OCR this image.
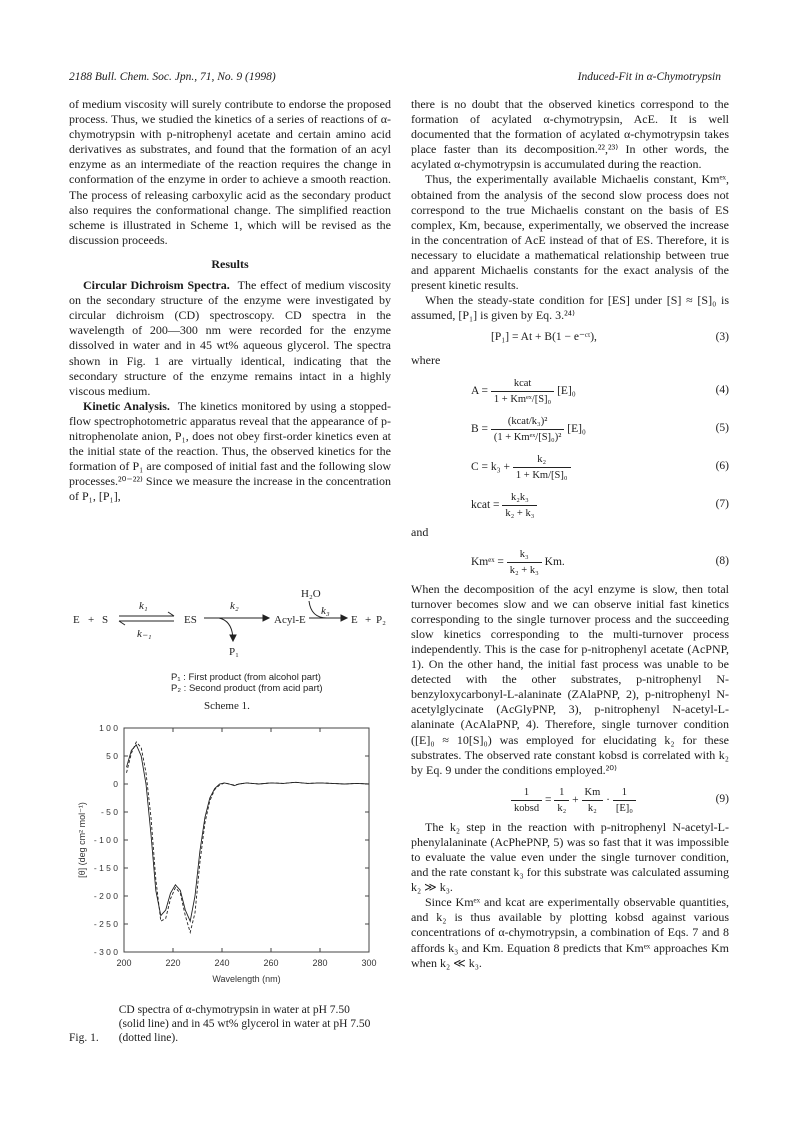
2188 Bull. Chem. Soc. Jpn., 71, No. 9 (1998)	Induced-Fit in α-Chymotrypsin

of medium viscosity will surely contribute to endorse the proposed process. Thus, we studied the kinetics of a series of reactions of α-chymotrypsin with p-nitrophenyl acetate and certain amino acid derivatives as substrates, and found that the formation of an acyl enzyme as an intermediate of the reaction requires the change in conformation of the enzyme in order to achieve a smooth reaction. The process of releasing carboxylic acid as the secondary product also requires the conformational change. The simplified reaction scheme is illustrated in Scheme 1, which will be revised as the discussion proceeds.

Results

Circular Dichroism Spectra. The effect of medium viscosity on the secondary structure of the enzyme were investigated by circular dichroism (CD) spectroscopy. CD spectra in the wavelength of 200—300 nm were recorded for the enzyme dissolved in water and in 45 wt% aqueous glycerol. The spectra shown in Fig. 1 are virtually identical, indicating that the secondary structure of the enzyme remains intact in a highly viscous medium.

Kinetic Analysis. The kinetics monitored by using a stopped-flow spectrophotometric apparatus reveal that the appearance of p-nitrophenolate anion, P₁, does not obey first-order kinetics even at the initial state of the reaction. Thus, the observed kinetics for the formation of P₁ are composed of initial fast and the following slow processes.²⁰⁻²²⁾ Since we measure the increase in the concentration of P₁, [P₁],

E + S
k₁
k₋₁
ES
k₂
Acyl-E
H₂O
k₃
E + P₂
P₁
P₁ : First product (from alcohol part)
P₂ : Second product (from acid part)
Scheme 1.
1 0 0
5 0
0
- 5 0
- 1 0 0
- 1 5 0
- 2 0 0
- 2 5 0
- 3 0 0
200	220	240	260	280	300
Wavelength (nm)
[θ] (deg cm² mol⁻¹)
Fig. 1.CD spectra of α-chymotrypsin in water at pH 7.50 (solid line) and in 45 wt% glycerol in water at pH 7.50 (dotted line).

there is no doubt that the observed kinetics correspond to the formation of acylated α-chymotrypsin, AcE. It is well documented that the formation of acylated α-chymotrypsin takes place faster than its decomposition.²²,²³⁾ In other words, the acylated α-chymotrypsin is accumulated during the reaction.

Thus, the experimentally available Michaelis constant, Kmᵉˣ, obtained from the analysis of the second slow process does not correspond to the true Michaelis constant on the basis of ES complex, Km, because, experimentally, we observed the increase in the concentration of AcE instead of that of ES. Therefore, it is necessary to elucidate a mathematical relationship between true and apparent Michaelis constants for the exact analysis of the present kinetic results.

When the steady-state condition for [ES] under [S] ≈ [S]₀ is assumed, [P₁] is given by Eq. 3.²⁴⁾

[P₁] = At + B(1 − e⁻ᶜᵗ),	(3)

where

$A = \frac{\text{kcat}}{\text{1 + Kmᵉˣ/[S]₀}} [E]_0$	(4)
$B = \frac{\text{(kcat/k₃)²}}{\text{(1 + Kmᵉˣ/[S]₀)²}} [E]_0$	(5)
$C = k_3 + \frac{\text{k₂}}{\text{1 + Km/[S]₀}}$	(6)
kcat = $\frac{\text{k₂k₃}}{\text{k₂ + k₃}}$	(7)

and

Kmᵉˣ = $\frac{\text{k₃}}{\text{k₂ + k₃}} Km$.	(8)

When the decomposition of the acyl enzyme is slow, then total turnover becomes slow and we can observe initial fast kinetics corresponding to the single turnover process and the succeeding slow kinetics corresponding to the multi-turnover process independently. This is the case for p-nitrophenyl acetate (AcPNP, 1). On the other hand, the initial fast process was unable to be detected with the other substrates, p-nitrophenyl N-benzyloxycarbonyl-L-alaninate (ZAlaPNP, 2), p-nitrophenyl N-acetylglycinate (AcGlyPNP, 3), p-nitrophenyl N-acetyl-L-alaninate (AcAlaPNP, 4). Therefore, single turnover condition ([E]₀ ≈ 10[S]₀) was employed for elucidating k₂ for these substrates. The observed rate constant kobsd is correlated with k₂ by Eq. 9 under the conditions employed.²⁰⁾

$\frac{1}{\text{kobsd}} = \frac{1}{\text{k₂}} + \frac{Km}{\text{k₂}} \cdot \frac{1}{\text{[E]₀}}$	(9)

The k₂ step in the reaction with p-nitrophenyl N-acetyl-L-phenylalaninate (AcPhePNP, 5) was so fast that it was impossible to evaluate the value even under the single turnover condition, and the rate constant k₃ for this substrate was calculated assuming k₂ ≫ k₃.

Since Kmᵉˣ and kcat are experimentally observable quantities, and k₂ is thus available by plotting kobsd against various concentrations of α-chymotrypsin, a combination of Eqs. 7 and 8 affords k₃ and Km. Equation 8 predicts that Kmᵉˣ approaches Km when k₂ ≪ k₃.
